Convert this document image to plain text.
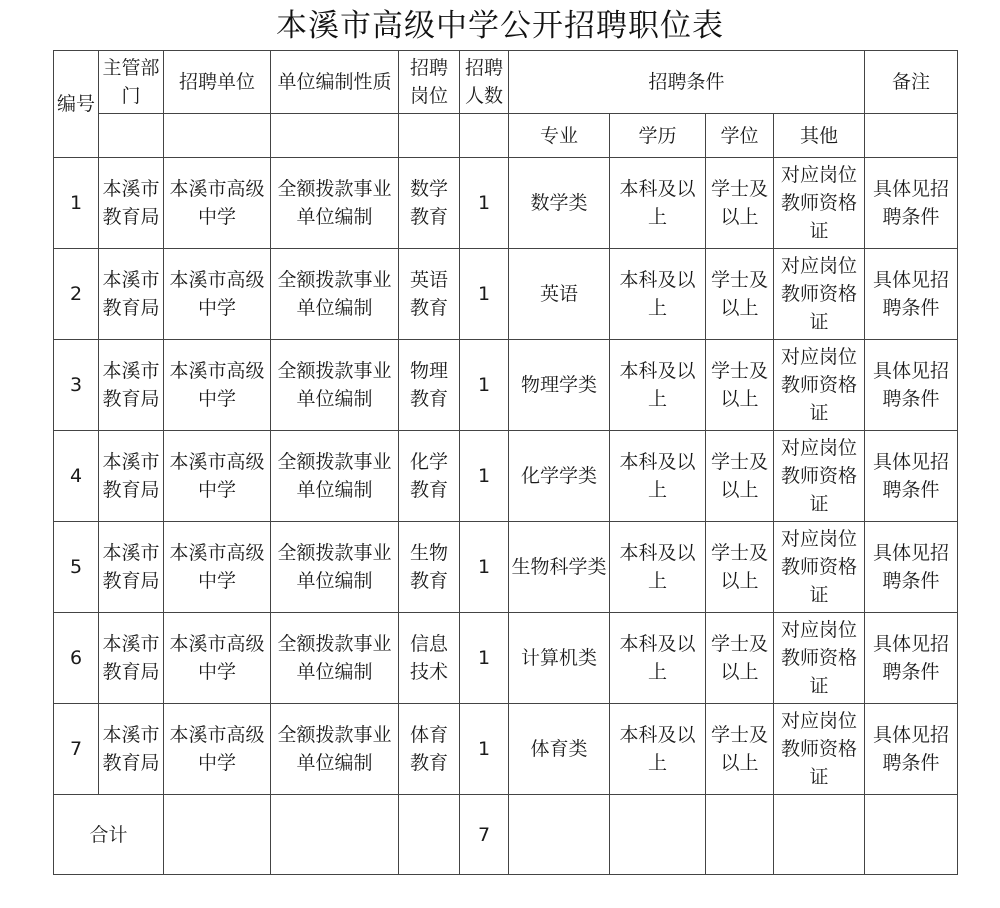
本溪市高级中学公开招聘职位表
编号	主管部门	招聘单位	单位编制性质	招聘岗位	招聘人数	招聘条件				备注
						专业	学历	学位	其他	
1	本溪市教育局	本溪市高级中学	全额拨款事业单位编制	数学教育	1	数学类	本科及以上	学士及以上	对应岗位教师资格证	具体见招聘条件
2	本溪市教育局	本溪市高级中学	全额拨款事业单位编制	英语教育	1	英语	本科及以上	学士及以上	对应岗位教师资格证	具体见招聘条件
3	本溪市教育局	本溪市高级中学	全额拨款事业单位编制	物理教育	1	物理学类	本科及以上	学士及以上	对应岗位教师资格证	具体见招聘条件
4	本溪市教育局	本溪市高级中学	全额拨款事业单位编制	化学教育	1	化学学类	本科及以上	学士及以上	对应岗位教师资格证	具体见招聘条件
5	本溪市教育局	本溪市高级中学	全额拨款事业单位编制	生物教育	1	生物科学类	本科及以上	学士及以上	对应岗位教师资格证	具体见招聘条件
6	本溪市教育局	本溪市高级中学	全额拨款事业单位编制	信息技术	1	计算机类	本科及以上	学士及以上	对应岗位教师资格证	具体见招聘条件
7	本溪市教育局	本溪市高级中学	全额拨款事业单位编制	体育教育	1	体育类	本科及以上	学士及以上	对应岗位教师资格证	具体见招聘条件
合计					7					
